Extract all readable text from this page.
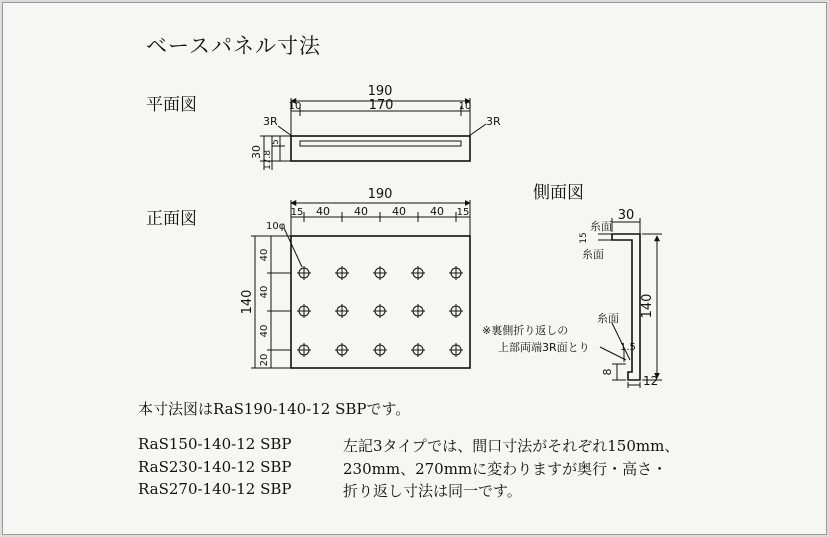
ベースパネル寸法
平面図
正面図
側面図
190
10	170	10
3R	3R
30 17.8
5
190
15 40 40 40 40 15
10φ
140
40
40
40
20
30
糸面
15
糸面
糸面
1.5
140
8
12
※裏側折り返しの
上部両端3R面とり
本寸法図はRaS190-140-12 SBPです。
RaS150-140-12 SBP
RaS230-140-12 SBP
RaS270-140-12 SBP
左記3タイプでは、間口寸法がそれぞれ150mm、
230mm、270mmに変わりますが奥行・高さ・
折り返し寸法は同一です。
